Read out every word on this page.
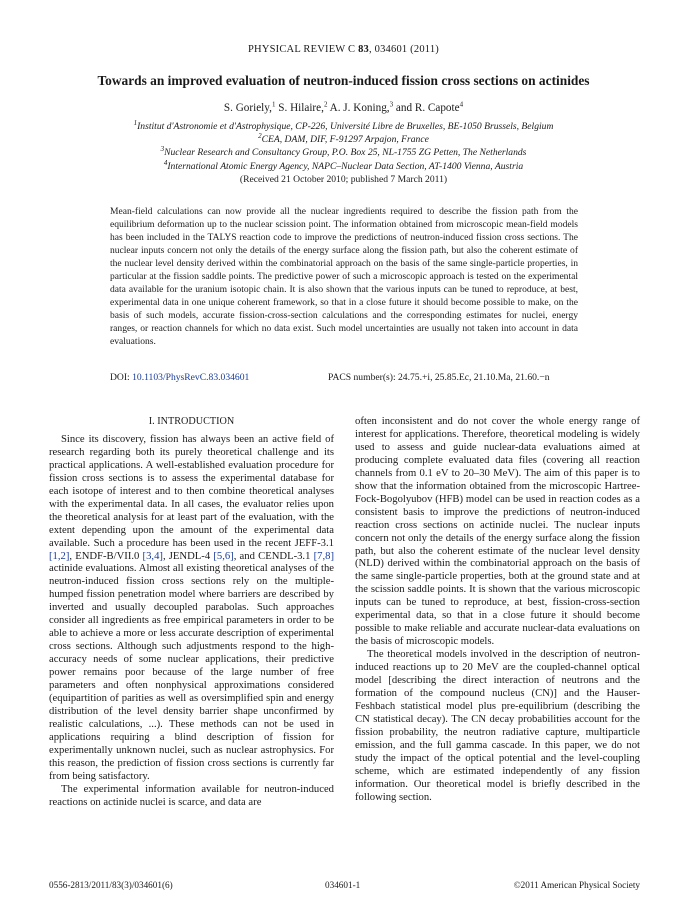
PHYSICAL REVIEW C 83, 034601 (2011)
Towards an improved evaluation of neutron-induced fission cross sections on actinides
S. Goriely,$^1$ S. Hilaire,$^2$ A. J. Koning,$^3$ and R. Capote$^4$
$^1$Institut d'Astronomie et d'Astrophysique, CP-226, Université Libre de Bruxelles, BE-1050 Brussels, Belgium
$^2$CEA, DAM, DIF, F-91297 Arpajon, France
$^3$Nuclear Research and Consultancy Group, P.O. Box 25, NL-1755 ZG Petten, The Netherlands
$^4$International Atomic Energy Agency, NAPC–Nuclear Data Section, AT-1400 Vienna, Austria
(Received 21 October 2010; published 7 March 2011)
Mean-field calculations can now provide all the nuclear ingredients required to describe the fission path from the equilibrium deformation up to the nuclear scission point. The information obtained from microscopic mean-field models has been included in the TALYS reaction code to improve the predictions of neutron-induced fission cross sections. The nuclear inputs concern not only the details of the energy surface along the fission path, but also the coherent estimate of the nuclear level density derived within the combinatorial approach on the basis of the same single-particle properties, in particular at the fission saddle points. The predictive power of such a microscopic approach is tested on the experimental data available for the uranium isotopic chain. It is also shown that the various inputs can be tuned to reproduce, at best, experimental data in one unique coherent framework, so that in a close future it should become possible to make, on the basis of such models, accurate fission-cross-section calculations and the corresponding estimates for nuclei, energy ranges, or reaction channels for which no data exist. Such model uncertainties are usually not taken into account in data evaluations.
DOI: 10.1103/PhysRevC.83.034601	PACS number(s): 24.75.+i, 25.85.Ec, 21.10.Ma, 21.60.−n
I. INTRODUCTION

Since its discovery, fission has always been an active field of research regarding both its purely theoretical challenge and its practical applications. A well-established evaluation procedure for fission cross sections is to assess the experimental database for each isotope of interest and to then combine theoretical analyses with the experimental data. In all cases, the evaluator relies upon the theoretical analysis for at least part of the evaluation, with the extent depending upon the amount of the experimental data available. Such a procedure has been used in the recent JEFF-3.1 [1,2], ENDF-B/VII.0 [3,4], JENDL-4 [5,6], and CENDL-3.1 [7,8] actinide evaluations. Almost all existing theoretical analyses of the neutron-induced fission cross sections rely on the multiple-humped fission penetration model where barriers are described by inverted and usually decoupled parabolas. Such approaches consider all ingredients as free empirical parameters in order to be able to achieve a more or less accurate description of experimental cross sections. Although such adjustments respond to the high-accuracy needs of some nuclear applications, their predictive power remains poor because of the large number of free parameters and often nonphysical approximations considered (equipartition of parities as well as oversimplified spin and energy distribution of the level density barrier shape unconfirmed by realistic calculations, ...). These methods can not be used in applications requiring a blind description of fission for experimentally unknown nuclei, such as nuclear astrophysics. For this reason, the prediction of fission cross sections is currently far from being satisfactory.

The experimental information available for neutron-induced reactions on actinide nuclei is scarce, and data are

often inconsistent and do not cover the whole energy range of interest for applications. Therefore, theoretical modeling is widely used to assess and guide nuclear-data evaluations aimed at producing complete evaluated data files (covering all reaction channels from 0.1 eV to 20–30 MeV). The aim of this paper is to show that the information obtained from the microscopic Hartree-Fock-Bogolyubov (HFB) model can be used in reaction codes as a consistent basis to improve the predictions of neutron-induced reaction cross sections on actinide nuclei. The nuclear inputs concern not only the details of the energy surface along the fission path, but also the coherent estimate of the nuclear level density (NLD) derived within the combinatorial approach on the basis of the same single-particle properties, both at the ground state and at the scission saddle points. It is shown that the various microscopic inputs can be tuned to reproduce, at best, fission-cross-section experimental data, so that in a close future it should become possible to make reliable and accurate nuclear-data evaluations on the basis of microscopic models.

The theoretical models involved in the description of neutron-induced reactions up to 20 MeV are the coupled-channel optical model [describing the direct interaction of neutrons and the formation of the compound nucleus (CN)] and the Hauser-Feshbach statistical model plus pre-equilibrium (describing the CN statistical decay). The CN decay probabilities account for the fission probability, the neutron radiative capture, multiparticle emission, and the full gamma cascade. In this paper, we do not study the impact of the optical potential and the level-coupling scheme, which are estimated independently of any fission information. Our theoretical model is briefly described in the following section.

0556-2813/2011/83(3)/034601(6)	034601-1	©2011 American Physical Society
